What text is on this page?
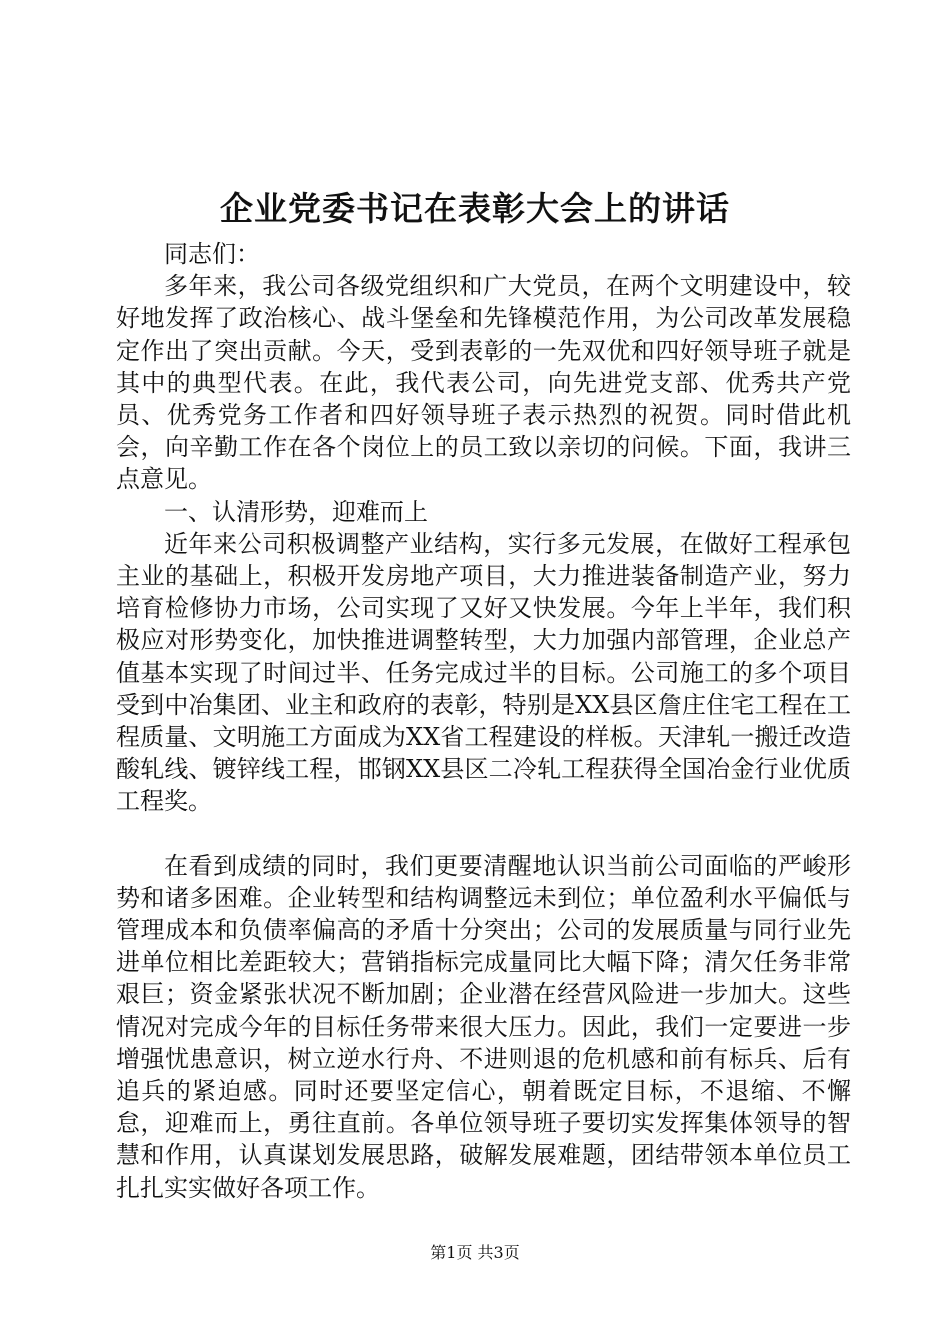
企业党委书记在表彰大会上的讲话

同志们：

多年来，我公司各级党组织和广大党员，在两个文明建设中，较好地发挥了政治核心、战斗堡垒和先锋模范作用，为公司改革发展稳定作出了突出贡献。今天，受到表彰的一先双优和四好领导班子就是其中的典型代表。在此，我代表公司，向先进党支部、优秀共产党员、优秀党务工作者和四好领导班子表示热烈的祝贺。同时借此机会，向辛勤工作在各个岗位上的员工致以亲切的问候。下面，我讲三点意见。

一、认清形势，迎难而上

近年来公司积极调整产业结构，实行多元发展，在做好工程承包主业的基础上，积极开发房地产项目，大力推进装备制造产业，努力培育检修协力市场，公司实现了又好又快发展。今年上半年，我们积极应对形势变化，加快推进调整转型，大力加强内部管理，企业总产值基本实现了时间过半、任务完成过半的目标。公司施工的多个项目受到中冶集团、业主和政府的表彰，特别是XX县区詹庄住宅工程在工程质量、文明施工方面成为XX省工程建设的样板。天津轧一搬迁改造酸轧线、镀锌线工程，邯钢XX县区二冷轧工程获得全国冶金行业优质工程奖。

在看到成绩的同时，我们更要清醒地认识当前公司面临的严峻形势和诸多困难。企业转型和结构调整远未到位；单位盈利水平偏低与管理成本和负债率偏高的矛盾十分突出；公司的发展质量与同行业先进单位相比差距较大；营销指标完成量同比大幅下降；清欠任务非常艰巨；资金紧张状况不断加剧；企业潜在经营风险进一步加大。这些情况对完成今年的目标任务带来很大压力。因此，我们一定要进一步增强忧患意识，树立逆水行舟、不进则退的危机感和前有标兵、后有追兵的紧迫感。同时还要坚定信心，朝着既定目标，不退缩、不懈怠，迎难而上，勇往直前。各单位领导班子要切实发挥集体领导的智慧和作用，认真谋划发展思路，破解发展难题，团结带领本单位员工扎扎实实做好各项工作。

第1页 共3页
